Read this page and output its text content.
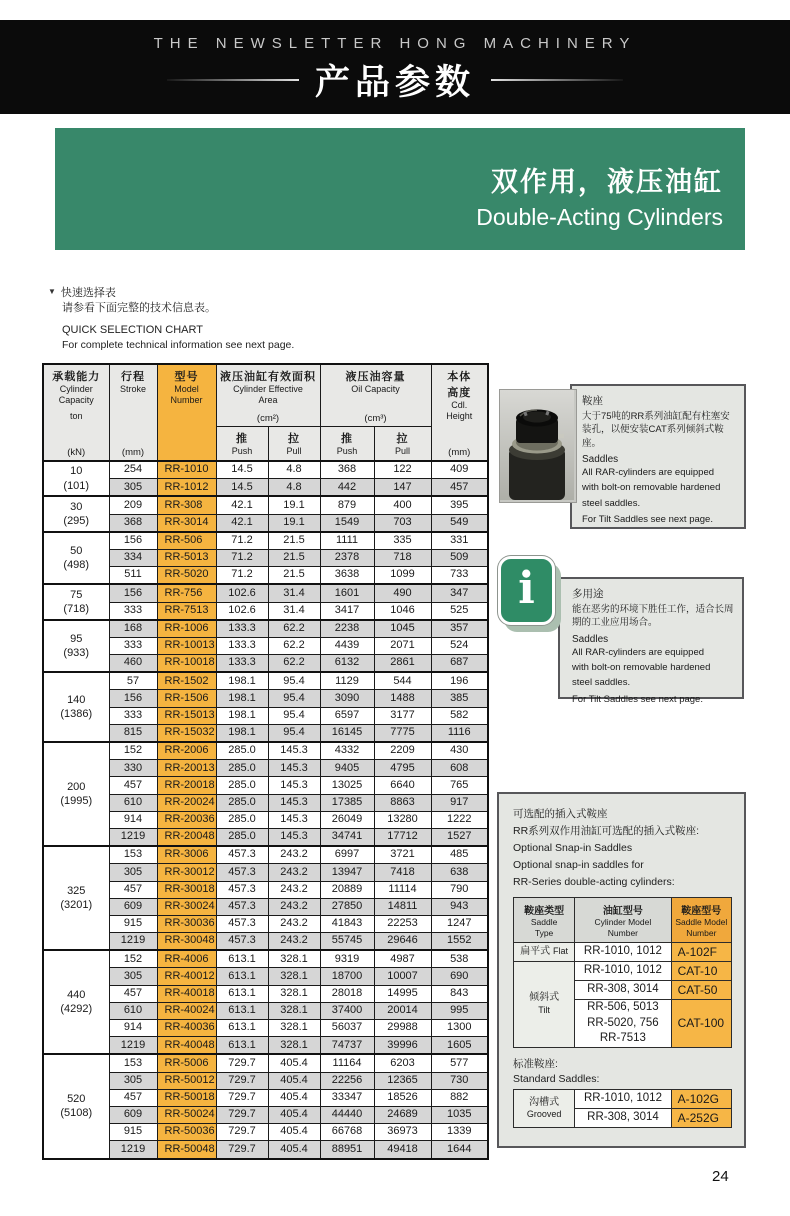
THE NEWSLETTER HONG MACHINERY
产品参数
双作用，液压油缸
Double-Acting Cylinders
▼ 快速选择表
请参看下面完整的技术信息表。
QUICK SELECTION CHART
For complete technical information see next page.
承载能力
Cylinder
Capacity
ton
(kN)

行程
Stroke
(mm)

型号
Model
Number

液压油缸有效面积
Cylinder Effective
Area
(cm²)

液压油容量
Oil Capacity
(cm³)

本体
高度
Cdl.
Height
(mm)

推
Push

拉
Pull

推
Push

拉
Pull

10
(101)	254	RR-1010	14.5	4.8	368	122	409
	305	RR-1012	14.5	4.8	442	147	457

30
(295)	209	RR-308	42.1	19.1	879	400	395
	368	RR-3014	42.1	19.1	1549	703	549

50
(498)	156	RR-506	71.2	21.5	1111	335	331
	334	RR-5013	71.2	21.5	2378	718	509
	511	RR-5020	71.2	21.5	3638	1099	733

75
(718)	156	RR-756	102.6	31.4	1601	490	347
	333	RR-7513	102.6	31.4	3417	1046	525

95
(933)	168	RR-1006	133.3	62.2	2238	1045	357
	333	RR-10013	133.3	62.2	4439	2071	524
	460	RR-10018	133.3	62.2	6132	2861	687

140
(1386)	57	RR-1502	198.1	95.4	1129	544	196
	156	RR-1506	198.1	95.4	3090	1488	385
	333	RR-15013	198.1	95.4	6597	3177	582
	815	RR-15032	198.1	95.4	16145	7775	1116

200
(1995)	152	RR-2006	285.0	145.3	4332	2209	430
	330	RR-20013	285.0	145.3	9405	4795	608
	457	RR-20018	285.0	145.3	13025	6640	765
	610	RR-20024	285.0	145.3	17385	8863	917
	914	RR-20036	285.0	145.3	26049	13280	1222
	1219	RR-20048	285.0	145.3	34741	17712	1527

325
(3201)	153	RR-3006	457.3	243.2	6997	3721	485
	305	RR-30012	457.3	243.2	13947	7418	638
	457	RR-30018	457.3	243.2	20889	11114	790
	609	RR-30024	457.3	243.2	27850	14811	943
	915	RR-30036	457.3	243.2	41843	22253	1247
	1219	RR-30048	457.3	243.2	55745	29646	1552

440
(4292)	152	RR-4006	613.1	328.1	9319	4987	538
	305	RR-40012	613.1	328.1	18700	10007	690
	457	RR-40018	613.1	328.1	28018	14995	843
	610	RR-40024	613.1	328.1	37400	20014	995
	914	RR-40036	613.1	328.1	56037	29988	1300
	1219	RR-40048	613.1	328.1	74737	39996	1605

520
(5108)	153	RR-5006	729.7	405.4	11164	6203	577
	305	RR-50012	729.7	405.4	22256	12365	730
	457	RR-50018	729.7	405.4	33347	18526	882
	609	RR-50024	729.7	405.4	44440	24689	1035
	915	RR-50036	729.7	405.4	66768	36973	1339
	1219	RR-50048	729.7	405.4	88951	49418	1644
鞍座
大于75吨的RR系列油缸配有柱塞安装孔，以便安装CAT系列倾斜式鞍座。
Saddles
All RAR-cylinders are equipped
with bolt-on removable hardened
steel saddles.
For Tilt Saddles see next page.
i	多用途
能在恶劣的环境下胜任工作，适合长周期的工业应用场合。
Saddles
All RAR-cylinders are equipped
with bolt-on removable hardened
steel saddles.
For Tilt Saddles see next page.
可选配的插入式鞍座
RR系列双作用油缸可选配的插入式鞍座:
Optional Snap-in Saddles
Optional snap-in saddles for
RR-Series double-acting cylinders:
鞍座类型
Saddle
Type

油缸型号
Cylinder Model
Number

鞍座型号
Saddle Model
Number

扁平式 Flat	RR-1010, 1012	A-102F

倾斜式
Tilt	RR-1010, 1012	CAT-10

	RR-308, 3014	CAT-50

	RR-506, 5013
RR-5020, 756
RR-7513	CAT-100
标准鞍座:
Standard Saddles:
沟槽式
Grooved	RR-1010, 1012	A-102G

	RR-308, 3014	A-252G
24
